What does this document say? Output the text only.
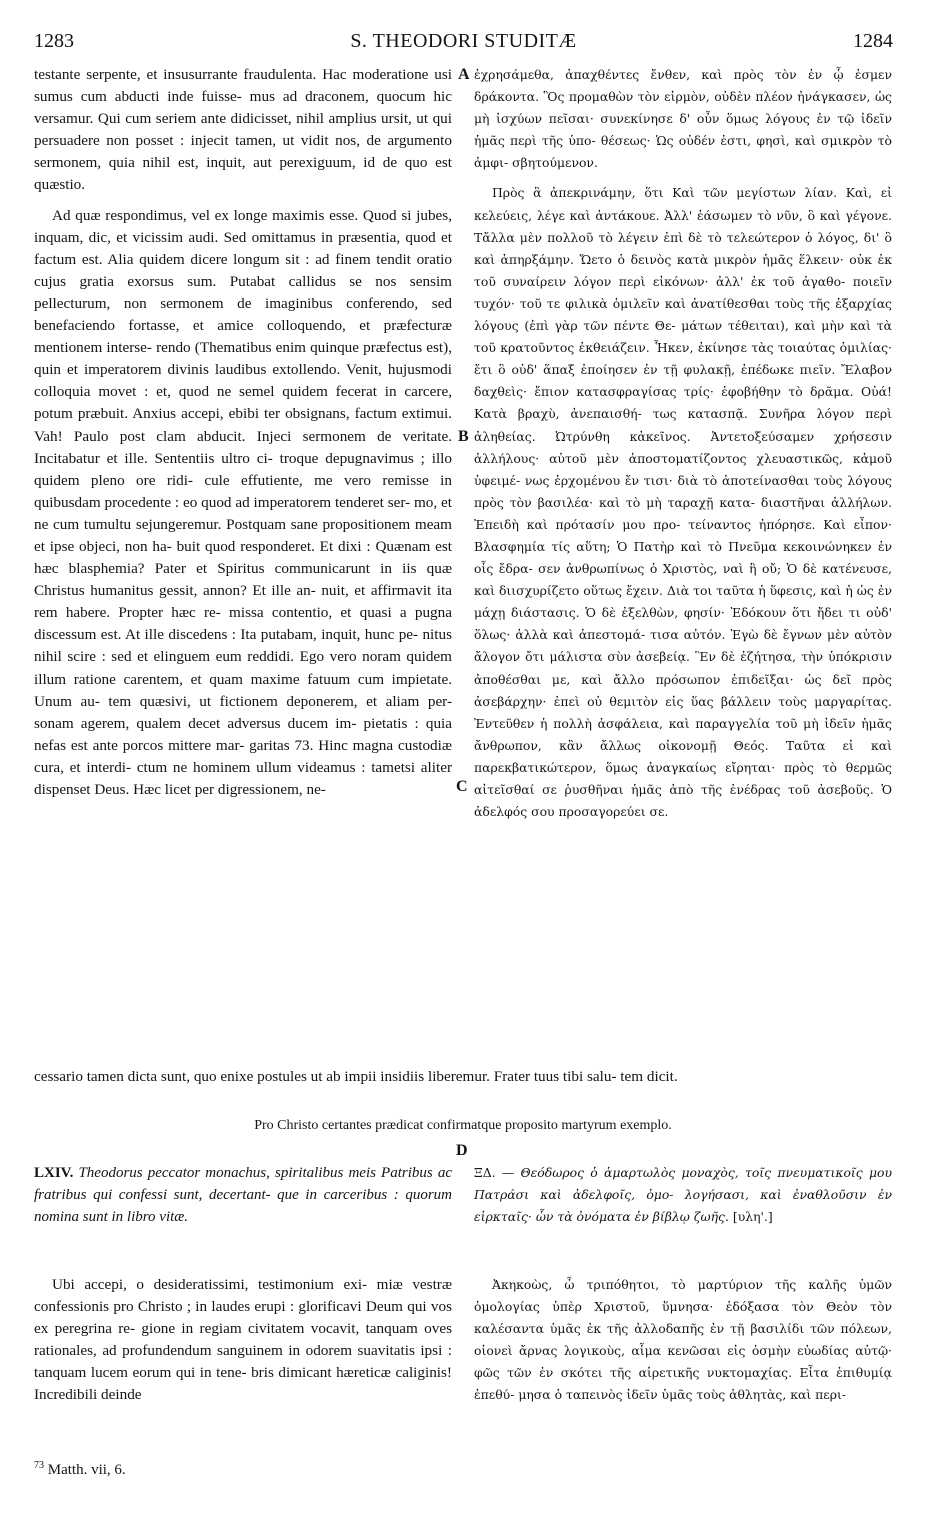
1283	S. THEODORI STUDITÆ	1284

testante serpente, et insusurrante fraudulenta. Hac moderatione usi sumus cum abducti inde fuisse- mus ad draconem, quocum hic versamur. Qui cum seriem ante didicisset, nihil amplius ursit, ut qui persuadere non posset : injecit tamen, ut vidit nos, de argumento sermonem, quia nihil est, inquit, aut perexiguum, id de quo est quæstio.

Ad quæ respondimus, vel ex longe maximis esse. Quod si jubes, inquam, dic, et vicissim audi. Sed omittamus in præsentia, quod et factum est. Alia quidem dicere longum sit : ad finem tendit oratio cujus gratia exorsus sum. Putabat callidus se nos sensim pellecturum, non sermonem de imaginibus conferendo, sed benefaciendo fortasse, et amice colloquendo, et præfecturæ mentionem interse- rendo (Thematibus enim quinque præfectus est), quin et imperatorem divinis laudibus extollendo. Venit, hujusmodi colloquia movet : et, quod ne semel quidem fecerat in carcere, potum præbuit. Anxius accepi, ebibi ter obsignans, factum extimui. Vah! Paulo post clam abducit. Injeci sermonem de veritate. Incitabatur et ille. Sententiis ultro ci- troque depugnavimus ; illo quidem pleno ore ridi- cule effutiente, me vero remisse in quibusdam procedente : eo quod ad imperatorem tenderet ser- mo, et ne cum tumultu sejungeremur. Postquam sane propositionem meam et ipse objeci, non ha- buit quod responderet. Et dixi : Quænam est hæc blasphemia? Pater et Spiritus communicarunt in iis quæ Christus humanitus gessit, annon? Et ille an- nuit, et affirmavit ita rem habere. Propter hæc re- missa contentio, et quasi a pugna discessum est. At ille discedens : Ita putabam, inquit, hunc pe- nitus nihil scire : sed et elinguem eum reddidi. Ego vero noram quidem illum ratione carentem, et quam maxime fatuum cum impietate. Unum au- tem quæsivi, ut fictionem deponerem, et aliam per- sonam agerem, qualem decet adversus ducem im- pietatis : quia nefas est ante porcos mittere mar- garitas 73. Hinc magna custodiæ cura, et interdi- ctum ne hominem ullum videamus : tametsi aliter dispenset Deus. Hæc licet per digressionem, ne-

ἐχρησάμεθα, ἀπαχθέντες ἔνθεν, καὶ πρὸς τὸν ἐν ᾧ ἐσμεν δράκοντα. Ὃς προμαθὼν τὸν εἱρμὸν, οὐδὲν πλέον ἠνάγκασεν, ὡς μὴ ἰσχύων πεῖσαι· συνεκίνησε δ' οὖν ὅμως λόγους ἐν τῷ ἰδεῖν ἡμᾶς περὶ τῆς ὑπο- θέσεως· Ὡς οὐδέν ἐστι, φησὶ, καὶ σμικρὸν τὸ ἀμφι- σβητούμενον.

Πρὸς ἃ ἀπεκρινάμην, ὅτι Καὶ τῶν μεγίστων λίαν. Καὶ, εἰ κελεύεις, λέγε καὶ ἀντάκουε. Ἀλλ' ἐάσωμεν τὸ νῦν, ὃ καὶ γέγονε. Τἄλλα μὲν πολλοῦ τὸ λέγειν ἐπὶ δὲ τὸ τελεώτερον ὁ λόγος, δι' ὃ καὶ ἀπηρξάμην. Ὤετο ὁ δεινὸς κατὰ μικρὸν ἡμᾶς ἕλκειν· οὐκ ἐκ τοῦ συναίρειν λόγον περὶ εἰκόνων· ἀλλ' ἐκ τοῦ ἀγαθο- ποιεῖν τυχόν· τοῦ τε φιλικὰ ὁμιλεῖν καὶ ἀνατίθεσθαι τοὺς τῆς ἐξαρχίας λόγους (ἐπὶ γὰρ τῶν πέντε Θε- μάτων τέθειται), καὶ μὴν καὶ τὰ τοῦ κρατοῦντος ἐκθειάζειν. Ἧκεν, ἐκίνησε τὰς τοιαύτας ὁμιλίας· ἔτι ὃ οὐδ' ἅπαξ ἐποίησεν ἐν τῇ φυλακῇ, ἐπέδωκε πιεῖν. Ἔλαβον δαχθεὶς· ἔπιον κατασφραγίσας τρίς· ἐφοβήθην τὸ δρᾶμα. Οὐά! Κατὰ βραχὺ, ἀνεπαισθή- τως κατασπᾷ. Συνῆρα λόγον περὶ ἀληθείας. Ὠτρύνθη κἀκεῖνος. Ἀντετοξεύσαμεν χρήσεσιν ἀλλήλους· αὐτοῦ μὲν ἀποστοματίζοντος χλευαστικῶς, κἀμοῦ ὑφειμέ- νως ἐρχομένου ἔν τισι· διὰ τὸ ἀποτείνασθαι τοὺς λόγους πρὸς τὸν βασιλέα· καὶ τὸ μὴ ταραχῇ κατα- διαστῆναι ἀλλήλων. Ἐπειδὴ καὶ πρότασίν μου προ- τείναντος ἠπόρησε. Καὶ εἶπον· Βλασφημία τίς αὕτη; Ὁ Πατὴρ καὶ τὸ Πνεῦμα κεκοινώνηκεν ἐν οἷς ἔδρα- σεν ἀνθρωπίνως ὁ Χριστὸς, ναὶ ἢ οὔ; Ὁ δὲ κατένευσε, καὶ διισχυρίζετο οὕτως ἔχειν. Διὰ τοι ταῦτα ἡ ὕφεσις, καὶ ἡ ὡς ἐν μάχῃ διάστασις. Ὁ δὲ ἐξελθὼν, φησίν· Ἐδόκουν ὅτι ἤδει τι οὐδ' ὅλως· ἀλλὰ καὶ ἀπεστομά- τισα αὐτόν. Ἐγὼ δὲ ἔγνων μὲν αὐτὸν ἄλογον ὄτι μάλιστα σὺν ἀσεβείᾳ. Ἓν δὲ ἐζήτησα, τὴν ὑπόκρισιν ἀποθέσθαι με, καὶ ἄλλο πρόσωπον ἐπιδεῖξαι· ὡς δεῖ πρὸς ἀσεβάρχην· ἐπεὶ οὐ θεμιτὸν εἰς ὕας βάλλειν τοὺς μαργαρίτας. Ἐντεῦθεν ἡ πολλὴ ἀσφάλεια, καὶ παραγγελία τοῦ μὴ ἰδεῖν ἡμᾶς ἄνθρωπον, κἂν ἄλλως οἰκονομῇ Θεός. Ταῦτα εἰ καὶ παρεκβατικώτερον, ὅμως ἀναγκαίως εἴρηται· πρὸς τὸ θερμῶς αἰτεῖσθαί σε ῥυσθῆναι ἡμᾶς ἀπὸ τῆς ἐνέδρας τοῦ ἀσεβοῦς. Ὁ ἀδελφός σου προσαγορεύει σε.

A
B
C
cessario tamen dicta sunt, quo enixe postules ut ab impii insidiis liberemur. Frater tuus tibi salu- tem dicit.
Pro Christo certantes prædicat confirmatque proposito martyrum exemplo.
D
LXIV. Theodorus peccator monachus, spiritalibus meis Patribus ac fratribus qui confessi sunt, decertant- que in carceribus : quorum nomina sunt in libro vitæ.
ΞΔ. — Θεόδωρος ὁ ἁμαρτωλὸς μοναχὸς, τοῖς πνευματικοῖς μου Πατράσι καὶ ἀδελφοῖς, ὁμο- λογήσασι, καὶ ἐναθλοῦσιν ἐν εἱρκταῖς· ὧν τὰ ὀνόματα ἐν βίβλῳ ζωῆς. [υλη'.]

Ubi accepi, o desideratissimi, testimonium exi- miæ vestræ confessionis pro Christo ; in laudes erupi : glorificavi Deum qui vos ex peregrina re- gione in regiam civitatem vocavit, tanquam oves rationales, ad profundendum sanguinem in odorem suavitatis ipsi : tanquam lucem eorum qui in tene- bris dimicant hæreticæ caliginis! Incredibili deinde

Ἀκηκοὼς, ὦ τριπόθητοι, τὸ μαρτύριον τῆς καλῆς ὑμῶν ὁμολογίας ὑπὲρ Χριστοῦ, ὕμνησα· ἐδόξασα τὸν Θεὸν τὸν καλέσαντα ὑμᾶς ἐκ τῆς ἀλλοδαπῆς ἐν τῇ βασιλίδι τῶν πόλεων, οἱονεὶ ἄρνας λογικοὺς, αἷμα κενῶσαι εἰς ὀσμὴν εὐωδίας αὐτῷ· φῶς τῶν ἐν σκότει τῆς αἱρετικῆς νυκτομαχίας. Εἶτα ἐπιθυμίᾳ ἐπεθύ- μησα ὁ ταπεινὸς ἰδεῖν ὑμᾶς τοὺς ἀθλητὰς, καὶ περι-

$^{73}$ Matth. vii, 6.
